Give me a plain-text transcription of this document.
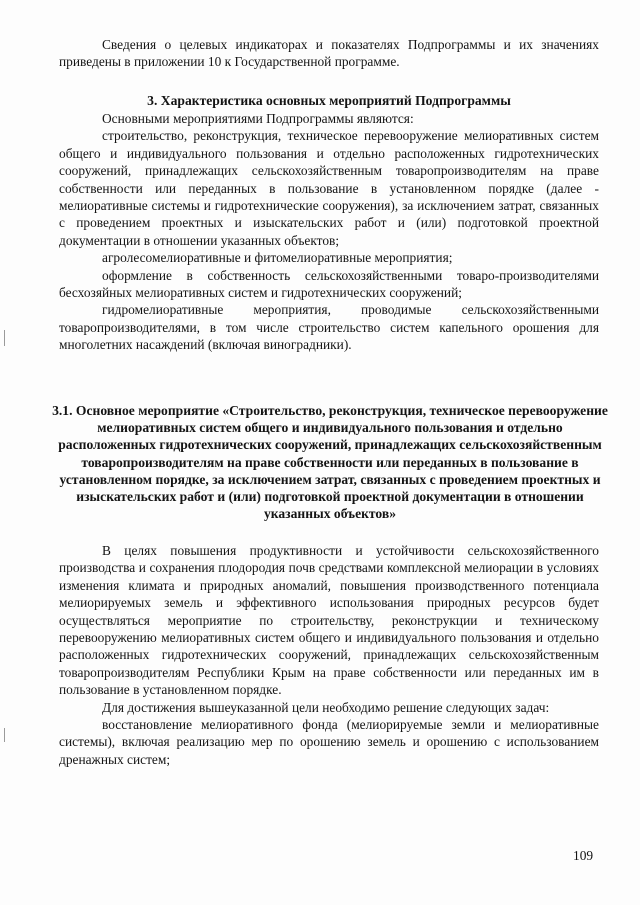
Сведения о целевых индикаторах и показателях Подпрограммы и их значениях приведены в приложении 10 к Государственной программе.

3. Характеристика основных мероприятий Подпрограммы

Основными мероприятиями Подпрограммы являются:

строительство, реконструкция, техническое перевооружение мелиоративных систем общего и индивидуального пользования и отдельно расположенных гидротехнических сооружений, принадлежащих сельскохозяйственным товаропроизводителям на праве собственности или переданных в пользование в установленном порядке (далее - мелиоративные системы и гидротехнические сооружения), за исключением затрат, связанных с проведением проектных и изыскательских работ и (или) подготовкой проектной документации в отношении указанных объектов;

агролесомелиоративные и фитомелиоративные мероприятия;

оформление в собственность сельскохозяйственными товаро-производителями бесхозяйных мелиоративных систем и гидротехнических сооружений;

гидромелиоративные мероприятия, проводимые сельскохозяйственными товаропроизводителями, в том числе строительство систем капельного орошения для многолетних насаждений (включая виноградники).

3.1. Основное мероприятие «Строительство, реконструкция, техническое перевооружение мелиоративных систем общего и индивидуального пользования и отдельно расположенных гидротехнических сооружений, принадлежащих сельскохозяйственным товаропроизводителям на праве собственности или переданных в пользование в установленном порядке, за исключением затрат, связанных с проведением проектных и изыскательских работ и (или) подготовкой проектной документации в отношении указанных объектов»

В целях повышения продуктивности и устойчивости сельскохозяйственного производства и сохранения плодородия почв средствами комплексной мелиорации в условиях изменения климата и природных аномалий, повышения производственного потенциала мелиорируемых земель и эффективного использования природных ресурсов будет осуществляться мероприятие по строительству, реконструкции и техническому перевооружению мелиоративных систем общего и индивидуального пользования и отдельно расположенных гидротехнических сооружений, принадлежащих сельскохозяйственным товаропроизводителям Республики Крым на праве собственности или переданных им в пользование в установленном порядке.

Для достижения вышеуказанной цели необходимо решение следующих задач:

восстановление мелиоративного фонда (мелиорируемые земли и мелиоративные системы), включая реализацию мер по орошению земель и орошению с использованием дренажных систем;

109
